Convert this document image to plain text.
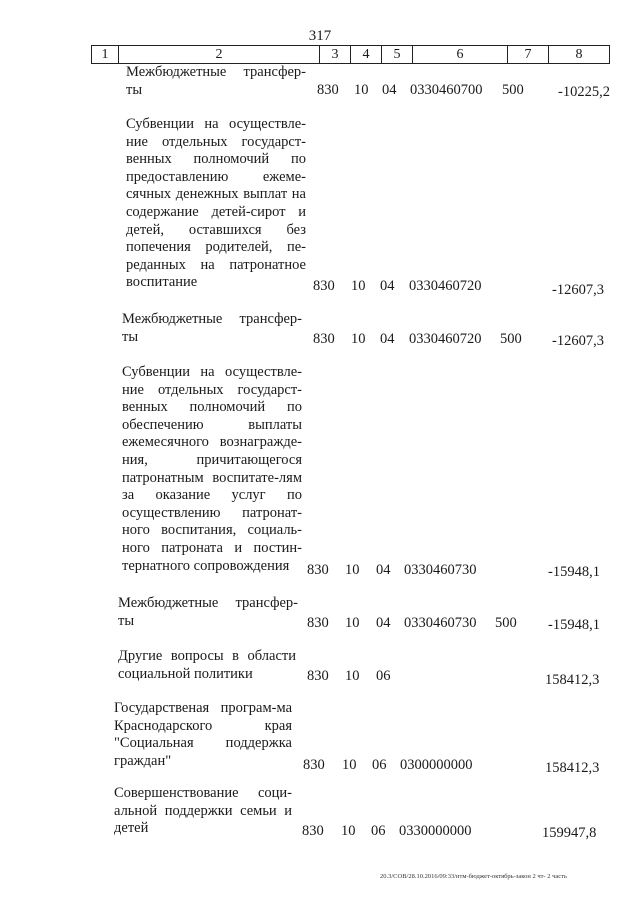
317
1	2	3	4	5	6	7	8
Межбюджетные трансфер-ты	830 10 04 0330460700 500 -10225,2
Субвенции на осуществле-ние отдельных государст-венных полномочий по предоставлению ежеме-сячных денежных выплат на содержание детей-сирот и детей, оставшихся без попечения родителей, пе-реданных на патронатное воспитание	830 10 04 0330460720	-12607,3
Межбюджетные трансфер-ты	830 10 04 0330460720 500 -12607,3
Субвенции на осуществле-ние отдельных государст-венных полномочий по обеспечению выплаты ежемесячного вознагражде-ния, причитающегося патронатным воспитате-лям за оказание услуг по осуществлению патронат-ного воспитания, социаль-ного патроната и постин-тернатного сопровождения	830 10 04 0330460730	-15948,1
Межбюджетные трансфер-ты	830 10 04 0330460730 500 -15948,1
Другие вопросы в области социальной политики	830 10 06	158412,3
Государственая програм-ма Краснодарского края "Социальная поддержка граждан"	830 10 06 0300000000	158412,3
Совершенствование соци-альной поддержки семьи и детей	830 10 06 0330000000	159947,8
20.3/СОВ/28.10.2016/09:33/нтм-бюджет-октябрь-закон 2 чт- 2 часть
